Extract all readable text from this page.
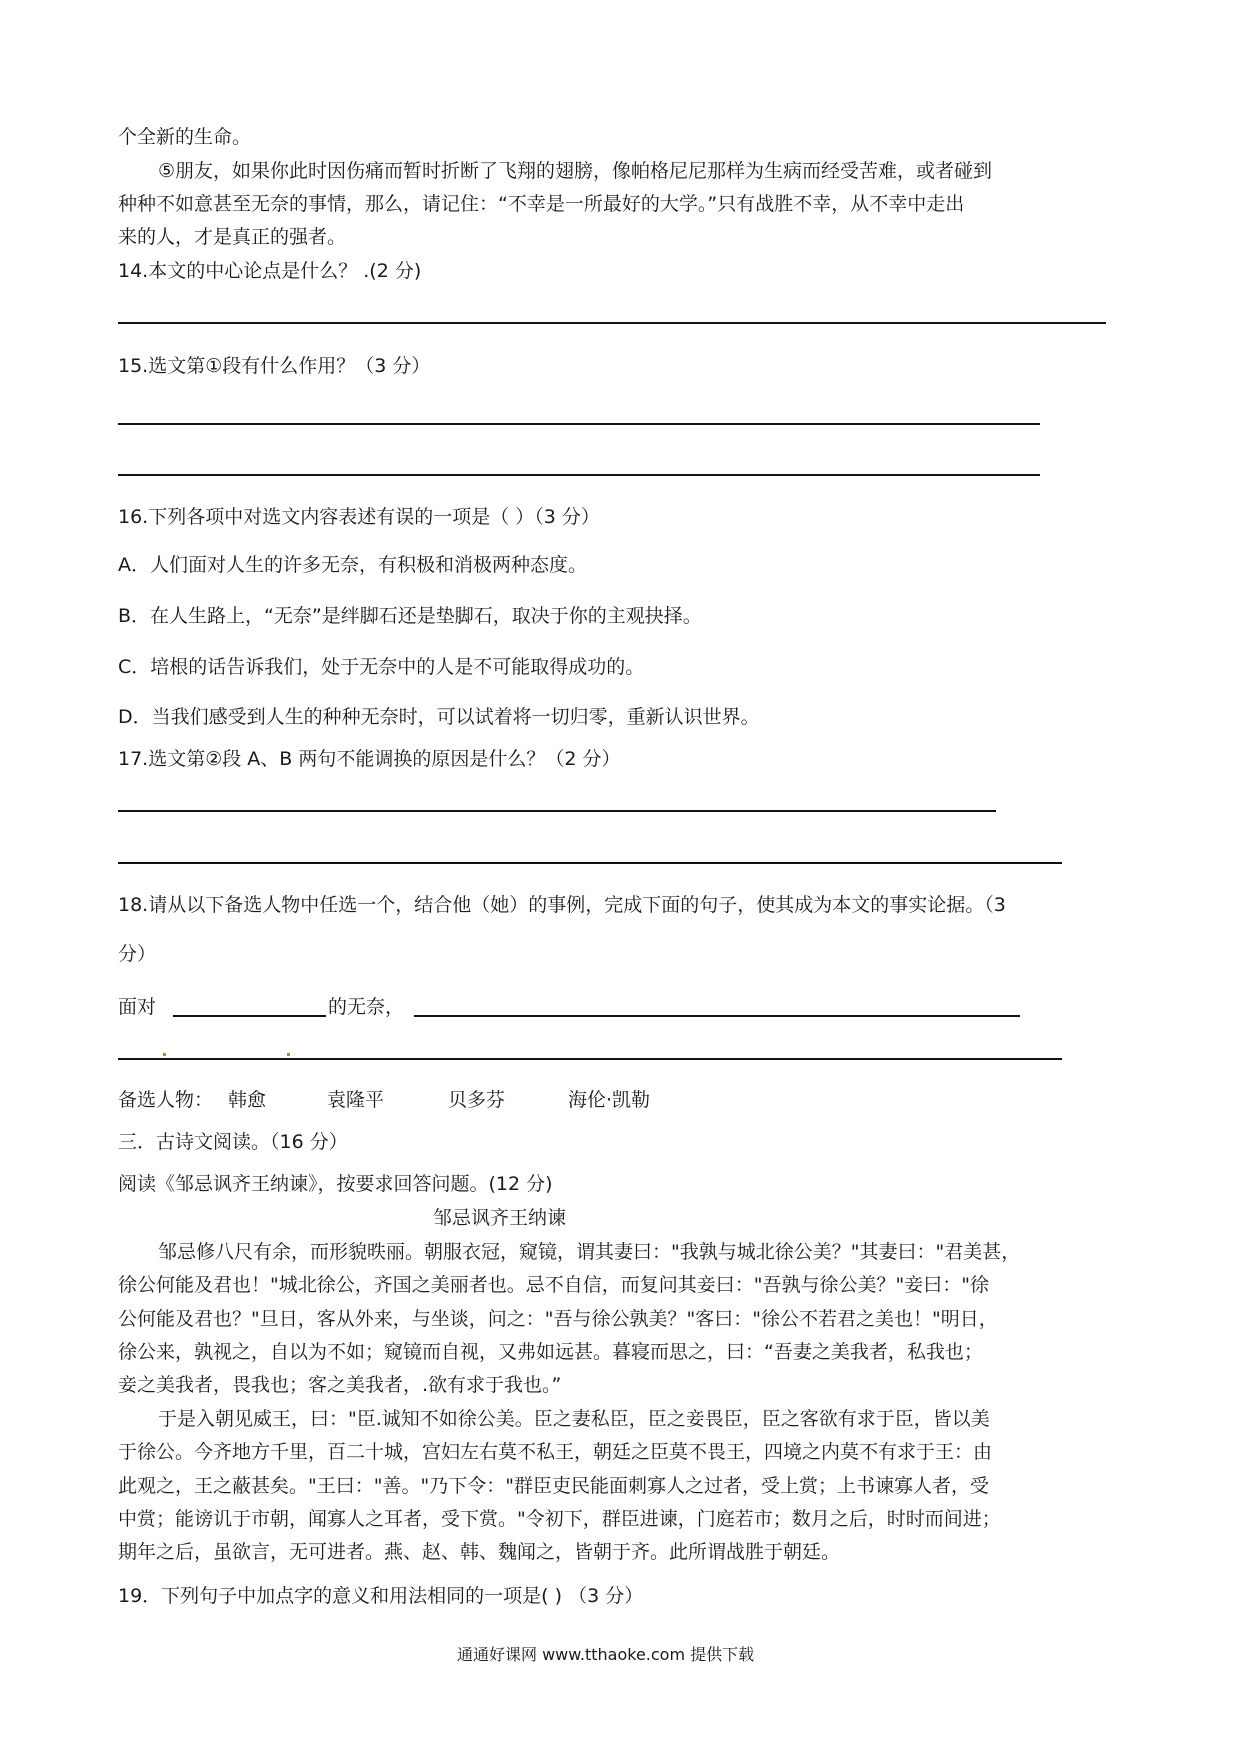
个全新的生命。
⑤朋友，如果你此时因伤痛而暂时折断了飞翔的翅膀，像帕格尼尼那样为生病而经受苦难，或者碰到
种种不如意甚至无奈的事情，那么，请记住：“不幸是一所最好的大学。”只有战胜不幸，从不幸中走出
来的人，才是真正的强者。
14.本文的中心论点是什么？ .(2 分)
15.选文第①段有什么作用？（3 分）
16.下列各项中对选文内容表述有误的一项是（ ）（3 分）
A．人们面对人生的许多无奈，有积极和消极两种态度。
B．在人生路上，“无奈”是绊脚石还是垫脚石，取决于你的主观抉择。
C．培根的话告诉我们，处于无奈中的人是不可能取得成功的。
D．当我们感受到人生的种种无奈时，可以试着将一切归零，重新认识世界。
17.选文第②段 A、B 两句不能调换的原因是什么？（2 分）
18.请从以下备选人物中任选一个，结合他（她）的事例，完成下面的句子，使其成为本文的事实论据。（3
分）
面对	的无奈，
备选人物： 韩愈	袁隆平	贝多芬	海伦·凯勒
三．古诗文阅读。（16 分）
阅读《邹忌讽齐王纳谏》，按要求回答问题。(12 分)
邹忌讽齐王纳谏
邹忌修八尺有余，而形貌昳丽。朝服衣冠，窥镜，谓其妻曰："我孰与城北徐公美？"其妻曰："君美甚，
徐公何能及君也！"城北徐公，齐国之美丽者也。忌不自信，而复问其妾曰："吾孰与徐公美？"妾曰："徐
公何能及君也？"旦日，客从外来，与坐谈，问之："吾与徐公孰美？"客曰："徐公不若君之美也！"明日，
徐公来，孰视之，自以为不如；窥镜而自视，又弗如远甚。暮寝而思之，曰：“吾妻之美我者，私我也；
妾之美我者，畏我也；客之美我者，.欲有求于我也。”
于是入朝见威王，曰："臣.诚知不如徐公美。臣之妻私臣，臣之妾畏臣，臣之客欲有求于臣，皆以美
于徐公。今齐地方千里，百二十城，宫妇左右莫不私王，朝廷之臣莫不畏王，四境之内莫不有求于王：由
此观之，王之蔽甚矣。"王曰："善。"乃下令："群臣吏民能面刺寡人之过者，受上赏；上书谏寡人者，受
中赏；能谤讥于市朝，闻寡人之耳者，受下赏。"令初下，群臣进谏，门庭若市；数月之后，时时而间进；
期年之后，虽欲言，无可进者。燕、赵、韩、魏闻之，皆朝于齐。此所谓战胜于朝廷。
19．下列句子中加点字的意义和用法相同的一项是( ) （3 分）
通通好课网 www.tthaoke.com 提供下载
